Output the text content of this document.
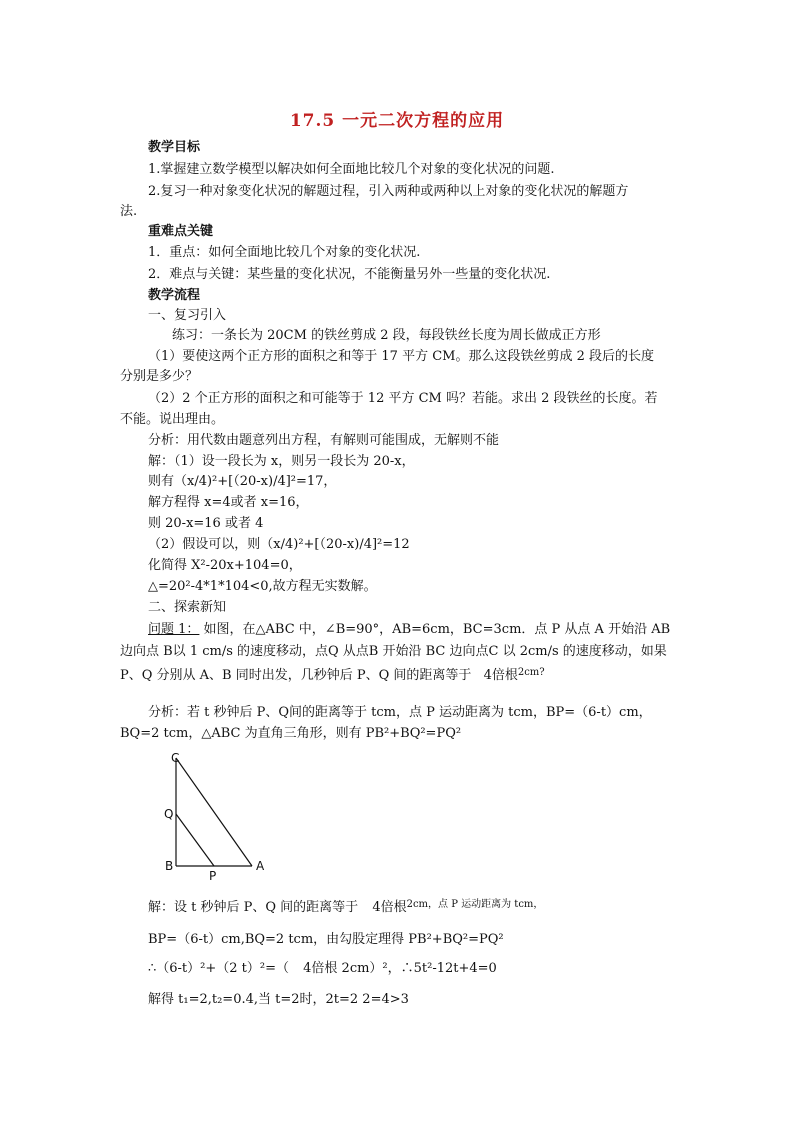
17.5 一元二次方程的应用
教学目标
1.掌握建立数学模型以解决如何全面地比较几个对象的变化状况的问题.
2.复习一种对象变化状况的解题过程，引入两种或两种以上对象的变化状况的解题方
法.
重难点关键
1．重点：如何全面地比较几个对象的变化状况.
2．难点与关键：某些量的变化状况，不能衡量另外一些量的变化状况.
教学流程
一、复习引入
练习：一条长为 20CM 的铁丝剪成 2 段，每段铁丝长度为周长做成正方形
（1）要使这两个正方形的面积之和等于 17 平方 CM。那么这段铁丝剪成 2 段后的长度
分别是多少？
（2）2 个正方形的面积之和可能等于 12 平方 CM 吗？若能。求出 2 段铁丝的长度。若
不能。说出理由。
分析：用代数由题意列出方程，有解则可能围成，无解则不能
解：（1）设一段长为 x，则另一段长为 20-x，
则有（x/4)²+[（20-x)/4]²=17，
解方程得 x=4或者 x=16，
则 20-x=16 或者 4
（2）假设可以，则（x/4)²+[（20-x)/4]²=12
化简得 X²-20x+104=0，
△=20²-4*1*104<0,故方程无实数解。
二、探索新知
问题 1： 如图，在△ABC 中，∠B=90°，AB=6cm，BC=3cm．点 P 从点 A 开始沿 AB
边向点 B以 1 cm/s 的速度移动，点Q 从点B 开始沿 BC 边向点C 以 2cm/s 的速度移动，如果
P、Q 分别从 A、B 同时出发，几秒钟后 P、Q 间的距离等于 4倍根$^{2cm?}$
分析：若 t 秒钟后 P、Q间的距离等于 tcm，点 P 运动距离为 tcm，BP=（6-t）cm，
BQ=2 tcm，△ABC 为直角三角形，则有 PB²+BQ²=PQ²
C
Q
B
P
A
解：设 t 秒钟后 P、Q 间的距离等于 4倍根$^{2cm,点 P 运动距离为 tcm,}$
BP=（6-t）cm,BQ=2 tcm，由勾股定理得 PB²+BQ²=PQ²
∴（6-t）²+（2 t）²=（ 4倍根 2cm）²，∴5t²-12t+4=0
解得 t₁=2,t₂=0.4,当 t=2时，2t=2 2=4>3
